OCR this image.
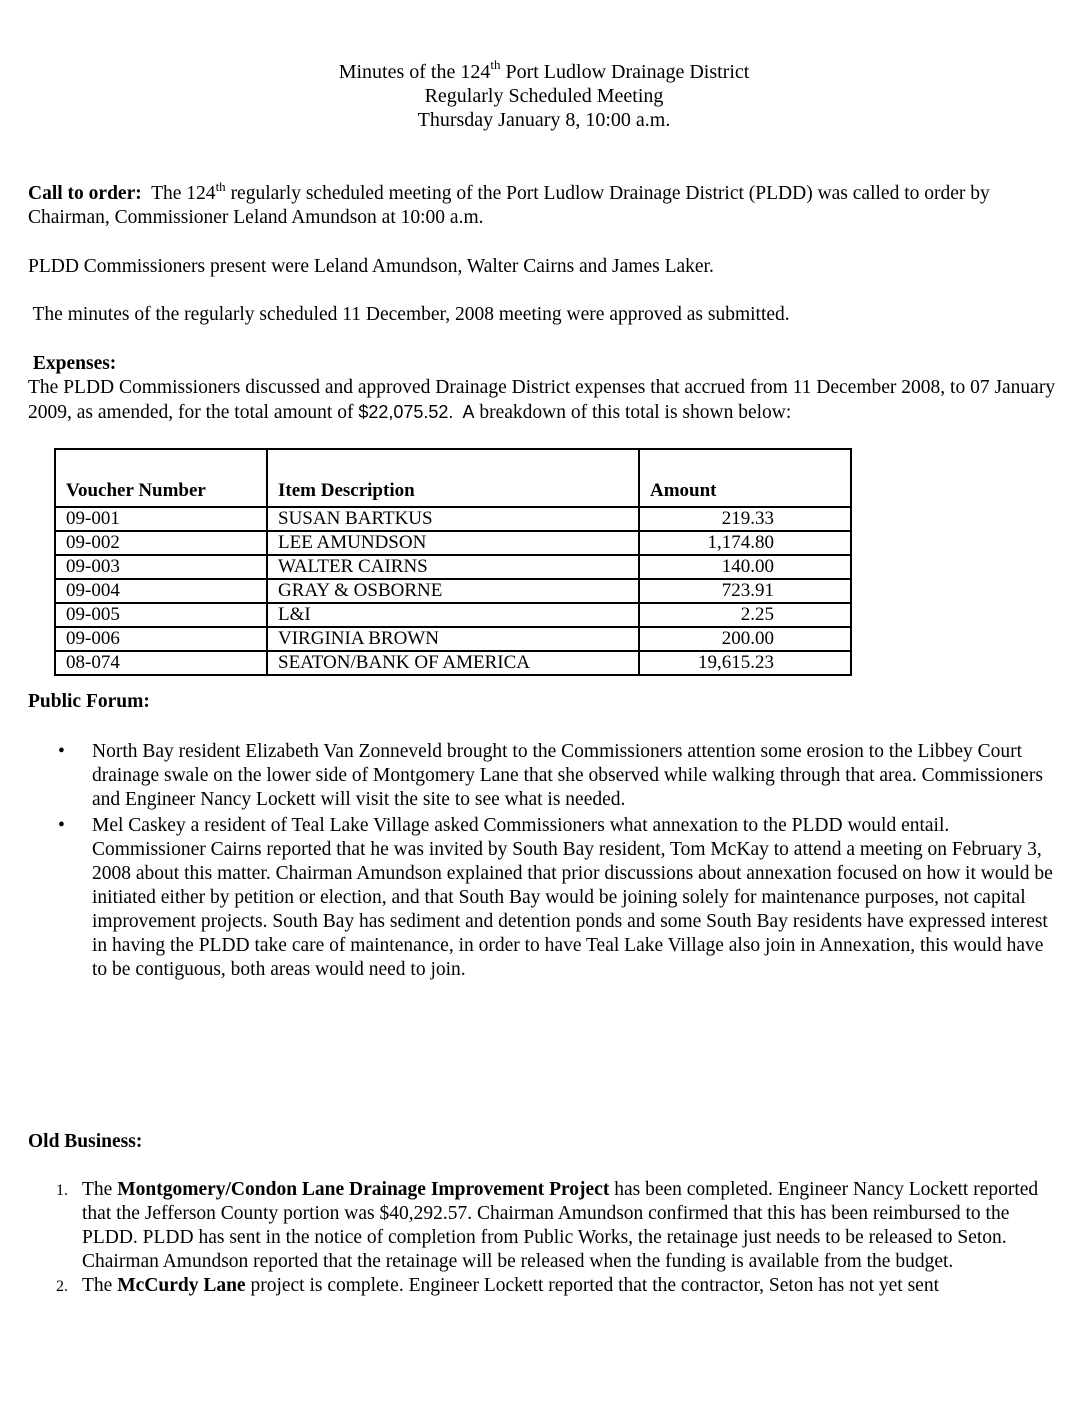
Minutes of the 124th Port Ludlow Drainage District
Regularly Scheduled Meeting
Thursday January 8, 10:00 a.m.
Call to order:  The 124th regularly scheduled meeting of the Port Ludlow Drainage District (PLDD) was called to order by Chairman, Commissioner Leland Amundson at 10:00 a.m.
PLDD Commissioners present were Leland Amundson, Walter Cairns and James Laker.
The minutes of the regularly scheduled 11 December, 2008 meeting were approved as submitted.
Expenses:
The PLDD Commissioners discussed and approved Drainage District expenses that accrued from 11 December 2008, to 07 January 2009, as amended, for the total amount of $22,075.52.  A breakdown of this total is shown below:
Voucher Number	Item Description	Amount
09-001	SUSAN BARTKUS	219.33
09-002	LEE AMUNDSON	1,174.80
09-003	WALTER CAIRNS	140.00
09-004	GRAY & OSBORNE	723.91
09-005	L&I	2.25
09-006	VIRGINIA BROWN	200.00
08-074	SEATON/BANK OF AMERICA	19,615.23
Public Forum:
• North Bay resident Elizabeth Van Zonneveld brought to the Commissioners attention some erosion to the Libbey Court drainage swale on the lower side of Montgomery Lane that she observed while walking through that area. Commissioners and Engineer Nancy Lockett will visit the site to see what is needed.
• Mel Caskey a resident of Teal Lake Village asked Commissioners what annexation to the PLDD would entail. Commissioner Cairns reported that he was invited by South Bay resident, Tom McKay to attend a meeting on February 3, 2008 about this matter. Chairman Amundson explained that prior discussions about annexation focused on how it would be initiated either by petition or election, and that South Bay would be joining solely for maintenance purposes, not capital improvement projects. South Bay has sediment and detention ponds and some South Bay residents have expressed interest in having the PLDD take care of maintenance, in order to have Teal Lake Village also join in Annexation, this would have to be contiguous, both areas would need to join.
Old Business:
1. The Montgomery/Condon Lane Drainage Improvement Project has been completed. Engineer Nancy Lockett reported that the Jefferson County portion was $40,292.57. Chairman Amundson confirmed that this has been reimbursed to the PLDD. PLDD has sent in the notice of completion from Public Works, the retainage just needs to be released to Seton. Chairman Amundson reported that the retainage will be released when the funding is available from the budget.
2. The McCurdy Lane project is complete. Engineer Lockett reported that the contractor, Seton has not yet sent
